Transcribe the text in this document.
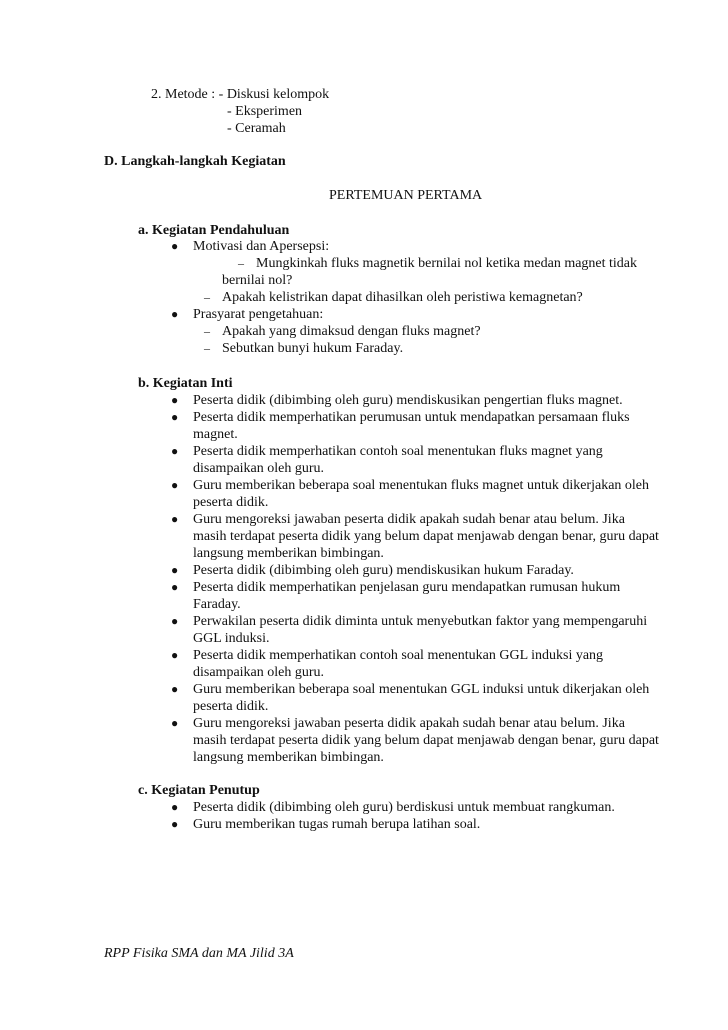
2. Metode : - Diskusi kelompok
- Eksperimen
- Ceramah
D. Langkah-langkah Kegiatan
PERTEMUAN PERTAMA
a. Kegiatan Pendahuluan
● Motivasi dan Apersepsi:
– Mungkinkah fluks magnetik bernilai nol ketika medan magnet tidak
bernilai nol?
– Apakah kelistrikan dapat dihasilkan oleh peristiwa kemagnetan?
● Prasyarat pengetahuan:
– Apakah yang dimaksud dengan fluks magnet?
– Sebutkan bunyi hukum Faraday.
b. Kegiatan Inti
● Peserta didik (dibimbing oleh guru) mendiskusikan pengertian fluks magnet.
● Peserta didik memperhatikan perumusan untuk mendapatkan persamaan fluks magnet.
● Peserta didik memperhatikan contoh soal menentukan fluks magnet yang disampaikan oleh guru.
● Guru memberikan beberapa soal menentukan fluks magnet untuk dikerjakan oleh peserta didik.
● Guru mengoreksi jawaban peserta didik apakah sudah benar atau belum. Jika masih terdapat peserta didik yang belum dapat menjawab dengan benar, guru dapat langsung memberikan bimbingan.
● Peserta didik (dibimbing oleh guru) mendiskusikan hukum Faraday.
● Peserta didik memperhatikan penjelasan guru mendapatkan rumusan hukum Faraday.
● Perwakilan peserta didik diminta untuk menyebutkan faktor yang mempengaruhi GGL induksi.
● Peserta didik memperhatikan contoh soal menentukan GGL induksi yang disampaikan oleh guru.
● Guru memberikan beberapa soal menentukan GGL induksi untuk dikerjakan oleh peserta didik.
● Guru mengoreksi jawaban peserta didik apakah sudah benar atau belum. Jika masih terdapat peserta didik yang belum dapat menjawab dengan benar, guru dapat langsung memberikan bimbingan.
c. Kegiatan Penutup
● Peserta didik (dibimbing oleh guru) berdiskusi untuk membuat rangkuman.
● Guru memberikan tugas rumah berupa latihan soal.
RPP Fisika SMA dan MA Jilid 3A
